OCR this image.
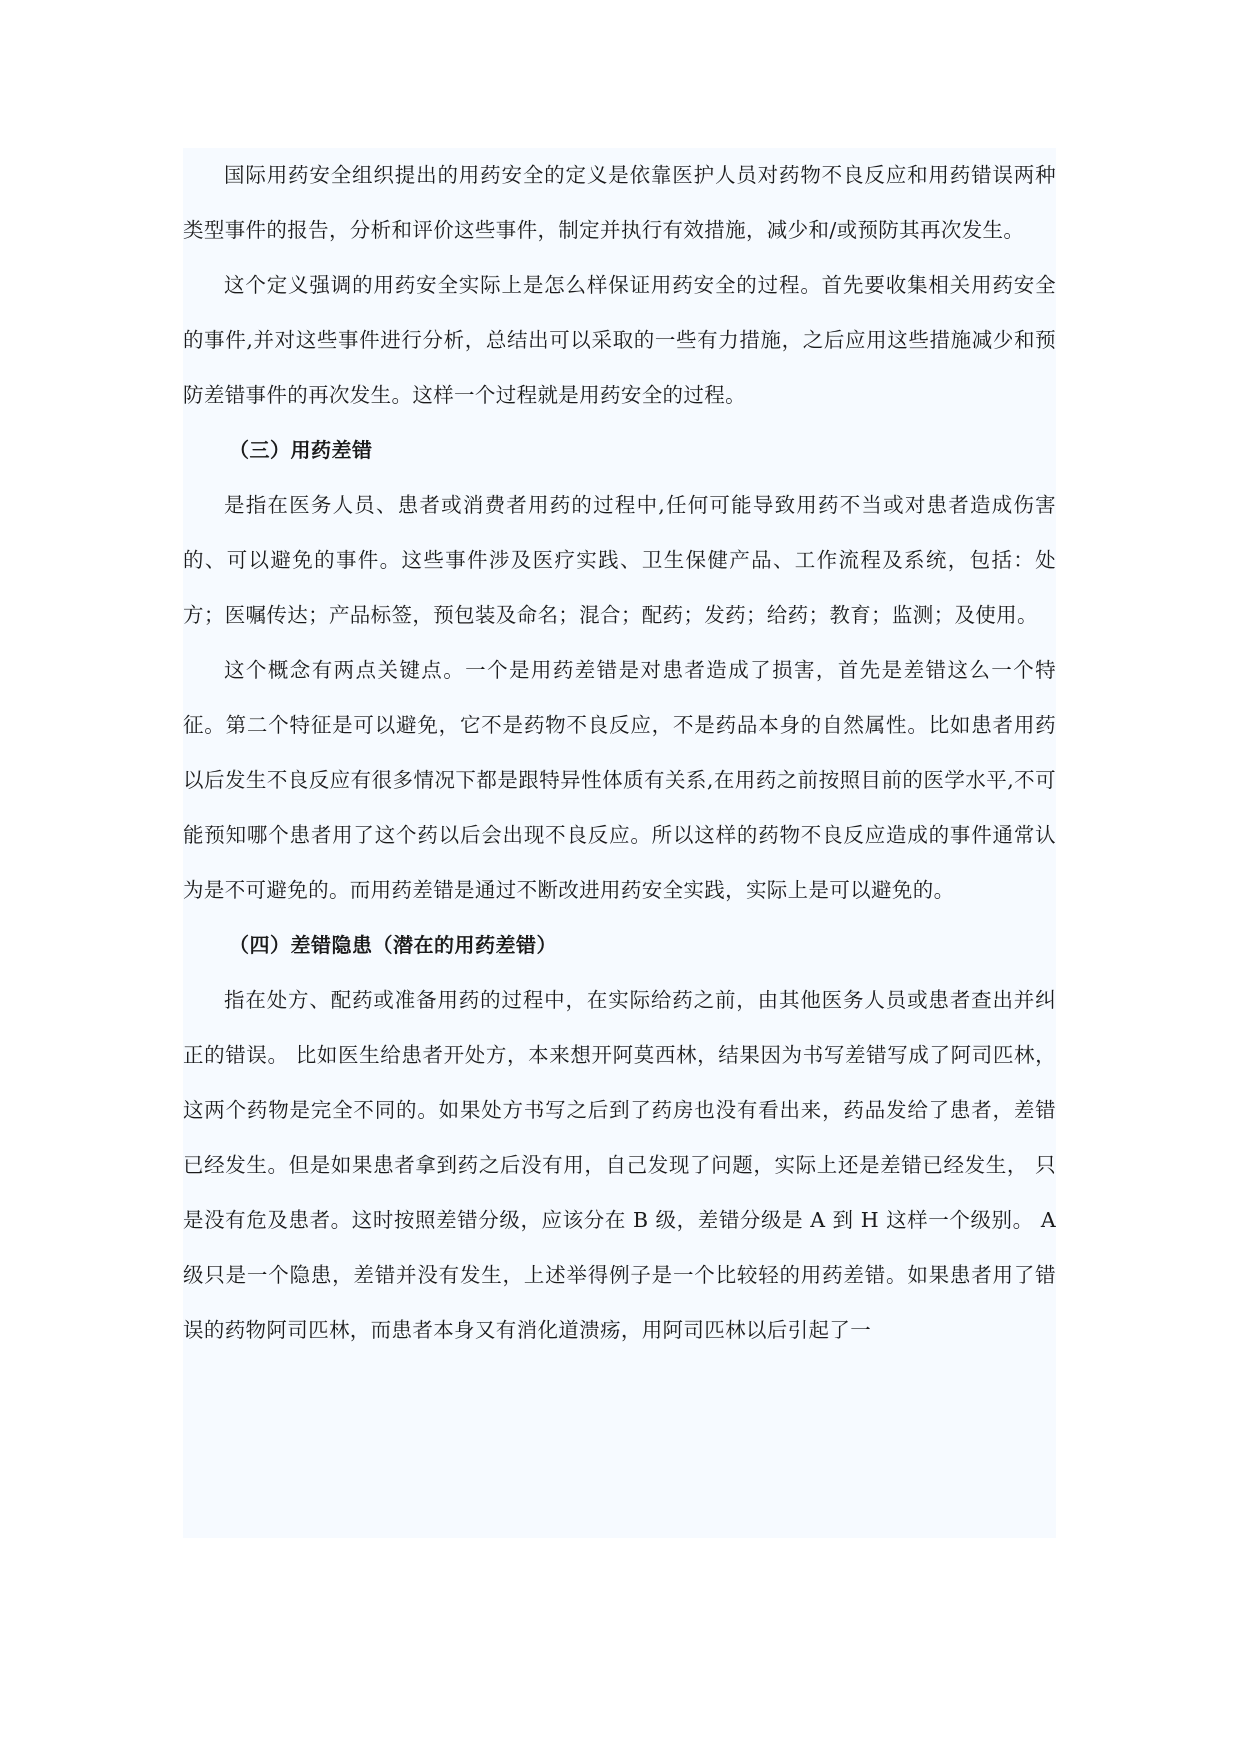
国际用药安全组织提出的用药安全的定义是依靠医护人员对药物不良反应和用药错误两种类型事件的报告，分析和评价这些事件，制定并执行有效措施，减少和/或预防其再次发生。

这个定义强调的用药安全实际上是怎么样保证用药安全的过程。首先要收集相关用药安全的事件,并对这些事件进行分析，总结出可以采取的一些有力措施，之后应用这些措施减少和预防差错事件的再次发生。这样一个过程就是用药安全的过程。

（三）用药差错

是指在医务人员、患者或消费者用药的过程中,任何可能导致用药不当或对患者造成伤害的、可以避免的事件。这些事件涉及医疗实践、卫生保健产品、工作流程及系统，包括：处方；医嘱传达；产品标签，预包装及命名；混合；配药；发药；给药；教育；监测；及使用。

这个概念有两点关键点。一个是用药差错是对患者造成了损害，首先是差错这么一个特征。第二个特征是可以避免，它不是药物不良反应，不是药品本身的自然属性。比如患者用药以后发生不良反应有很多情况下都是跟特异性体质有关系,在用药之前按照目前的医学水平,不可能预知哪个患者用了这个药以后会出现不良反应。所以这样的药物不良反应造成的事件通常认为是不可避免的。而用药差错是通过不断改进用药安全实践，实际上是可以避免的。

（四）差错隐患（潜在的用药差错）

指在处方、配药或准备用药的过程中，在实际给药之前，由其他医务人员或患者查出并纠正的错误。 比如医生给患者开处方，本来想开阿莫西林，结果因为书写差错写成了阿司匹林，这两个药物是完全不同的。如果处方书写之后到了药房也没有看出来，药品发给了患者，差错已经发生。但是如果患者拿到药之后没有用，自己发现了问题，实际上还是差错已经发生， 只是没有危及患者。这时按照差错分级，应该分在 B 级，差错分级是 A 到 H 这样一个级别。 A 级只是一个隐患，差错并没有发生，上述举得例子是一个比较轻的用药差错。如果患者用了错误的药物阿司匹林，而患者本身又有消化道溃疡，用阿司匹林以后引起了一
